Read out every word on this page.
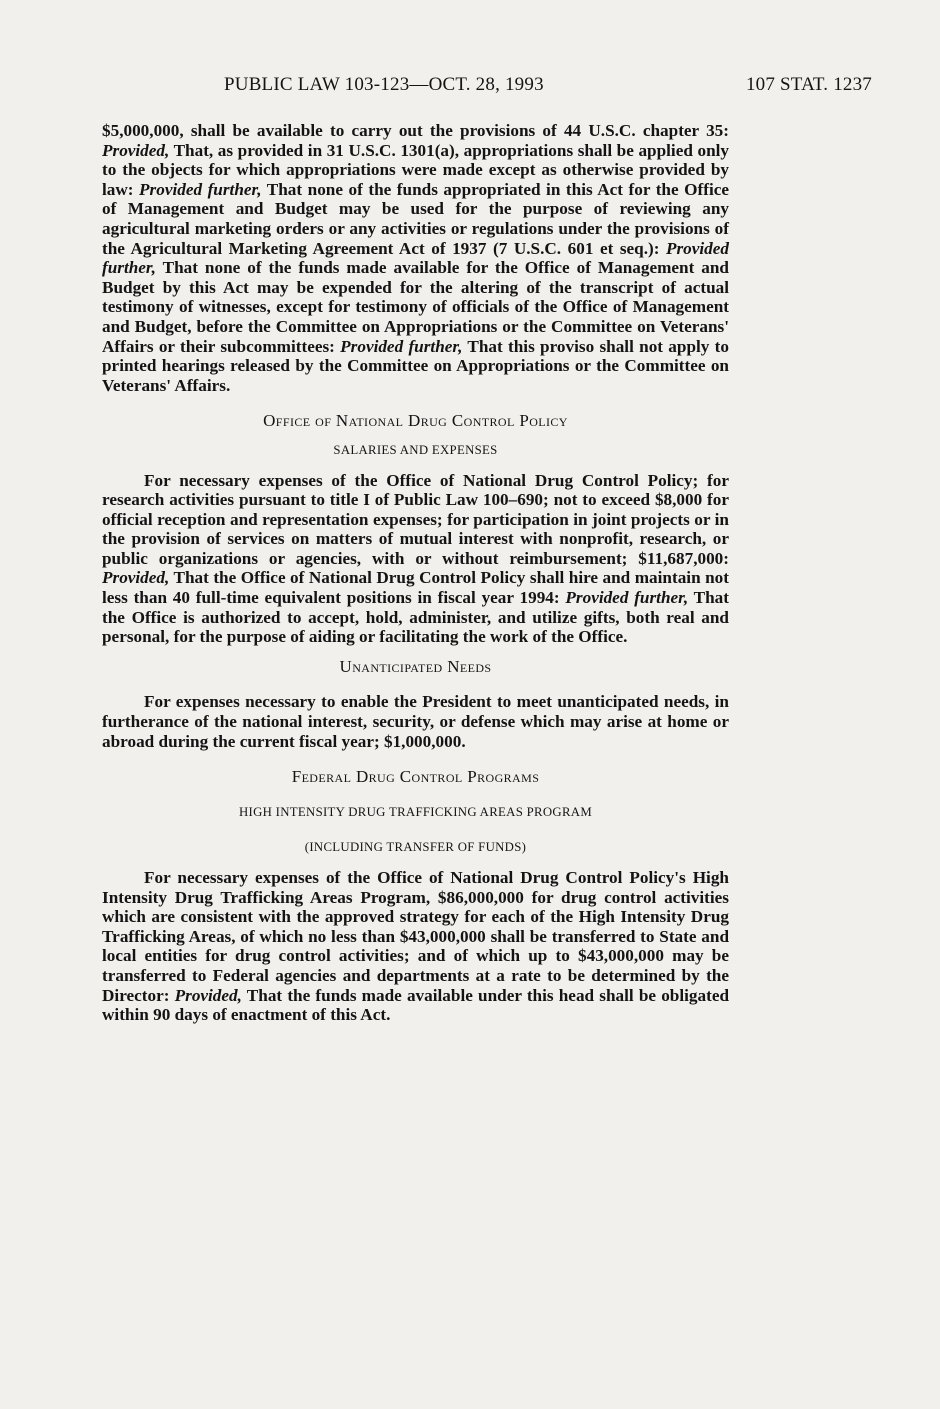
PUBLIC LAW 103-123—OCT. 28, 1993	107 STAT. 1237

$5,000,000, shall be available to carry out the provisions of 44 U.S.C. chapter 35: Provided, That, as provided in 31 U.S.C. 1301(a), appropriations shall be applied only to the objects for which appropriations were made except as otherwise provided by law: Provided further, That none of the funds appropriated in this Act for the Office of Management and Budget may be used for the purpose of reviewing any agricultural marketing orders or any activities or regulations under the provisions of the Agricultural Marketing Agreement Act of 1937 (7 U.S.C. 601 et seq.): Provided further, That none of the funds made available for the Office of Management and Budget by this Act may be expended for the altering of the transcript of actual testimony of witnesses, except for testimony of officials of the Office of Management and Budget, before the Committee on Appropriations or the Committee on Veterans' Affairs or their subcommittees: Provided further, That this proviso shall not apply to printed hearings released by the Committee on Appropriations or the Committee on Veterans' Affairs.

Office of National Drug Control Policy
SALARIES AND EXPENSES

For necessary expenses of the Office of National Drug Control Policy; for research activities pursuant to title I of Public Law 100–690; not to exceed $8,000 for official reception and representation expenses; for participation in joint projects or in the provision of services on matters of mutual interest with nonprofit, research, or public organizations or agencies, with or without reimbursement; $11,687,000: Provided, That the Office of National Drug Control Policy shall hire and maintain not less than 40 full-time equivalent positions in fiscal year 1994: Provided further, That the Office is authorized to accept, hold, administer, and utilize gifts, both real and personal, for the purpose of aiding or facilitating the work of the Office.

Unanticipated Needs

For expenses necessary to enable the President to meet unanticipated needs, in furtherance of the national interest, security, or defense which may arise at home or abroad during the current fiscal year; $1,000,000.

Federal Drug Control Programs
HIGH INTENSITY DRUG TRAFFICKING AREAS PROGRAM
(INCLUDING TRANSFER OF FUNDS)

For necessary expenses of the Office of National Drug Control Policy's High Intensity Drug Trafficking Areas Program, $86,000,000 for drug control activities which are consistent with the approved strategy for each of the High Intensity Drug Trafficking Areas, of which no less than $43,000,000 shall be transferred to State and local entities for drug control activities; and of which up to $43,000,000 may be transferred to Federal agencies and departments at a rate to be determined by the Director: Provided, That the funds made available under this head shall be obligated within 90 days of enactment of this Act.
